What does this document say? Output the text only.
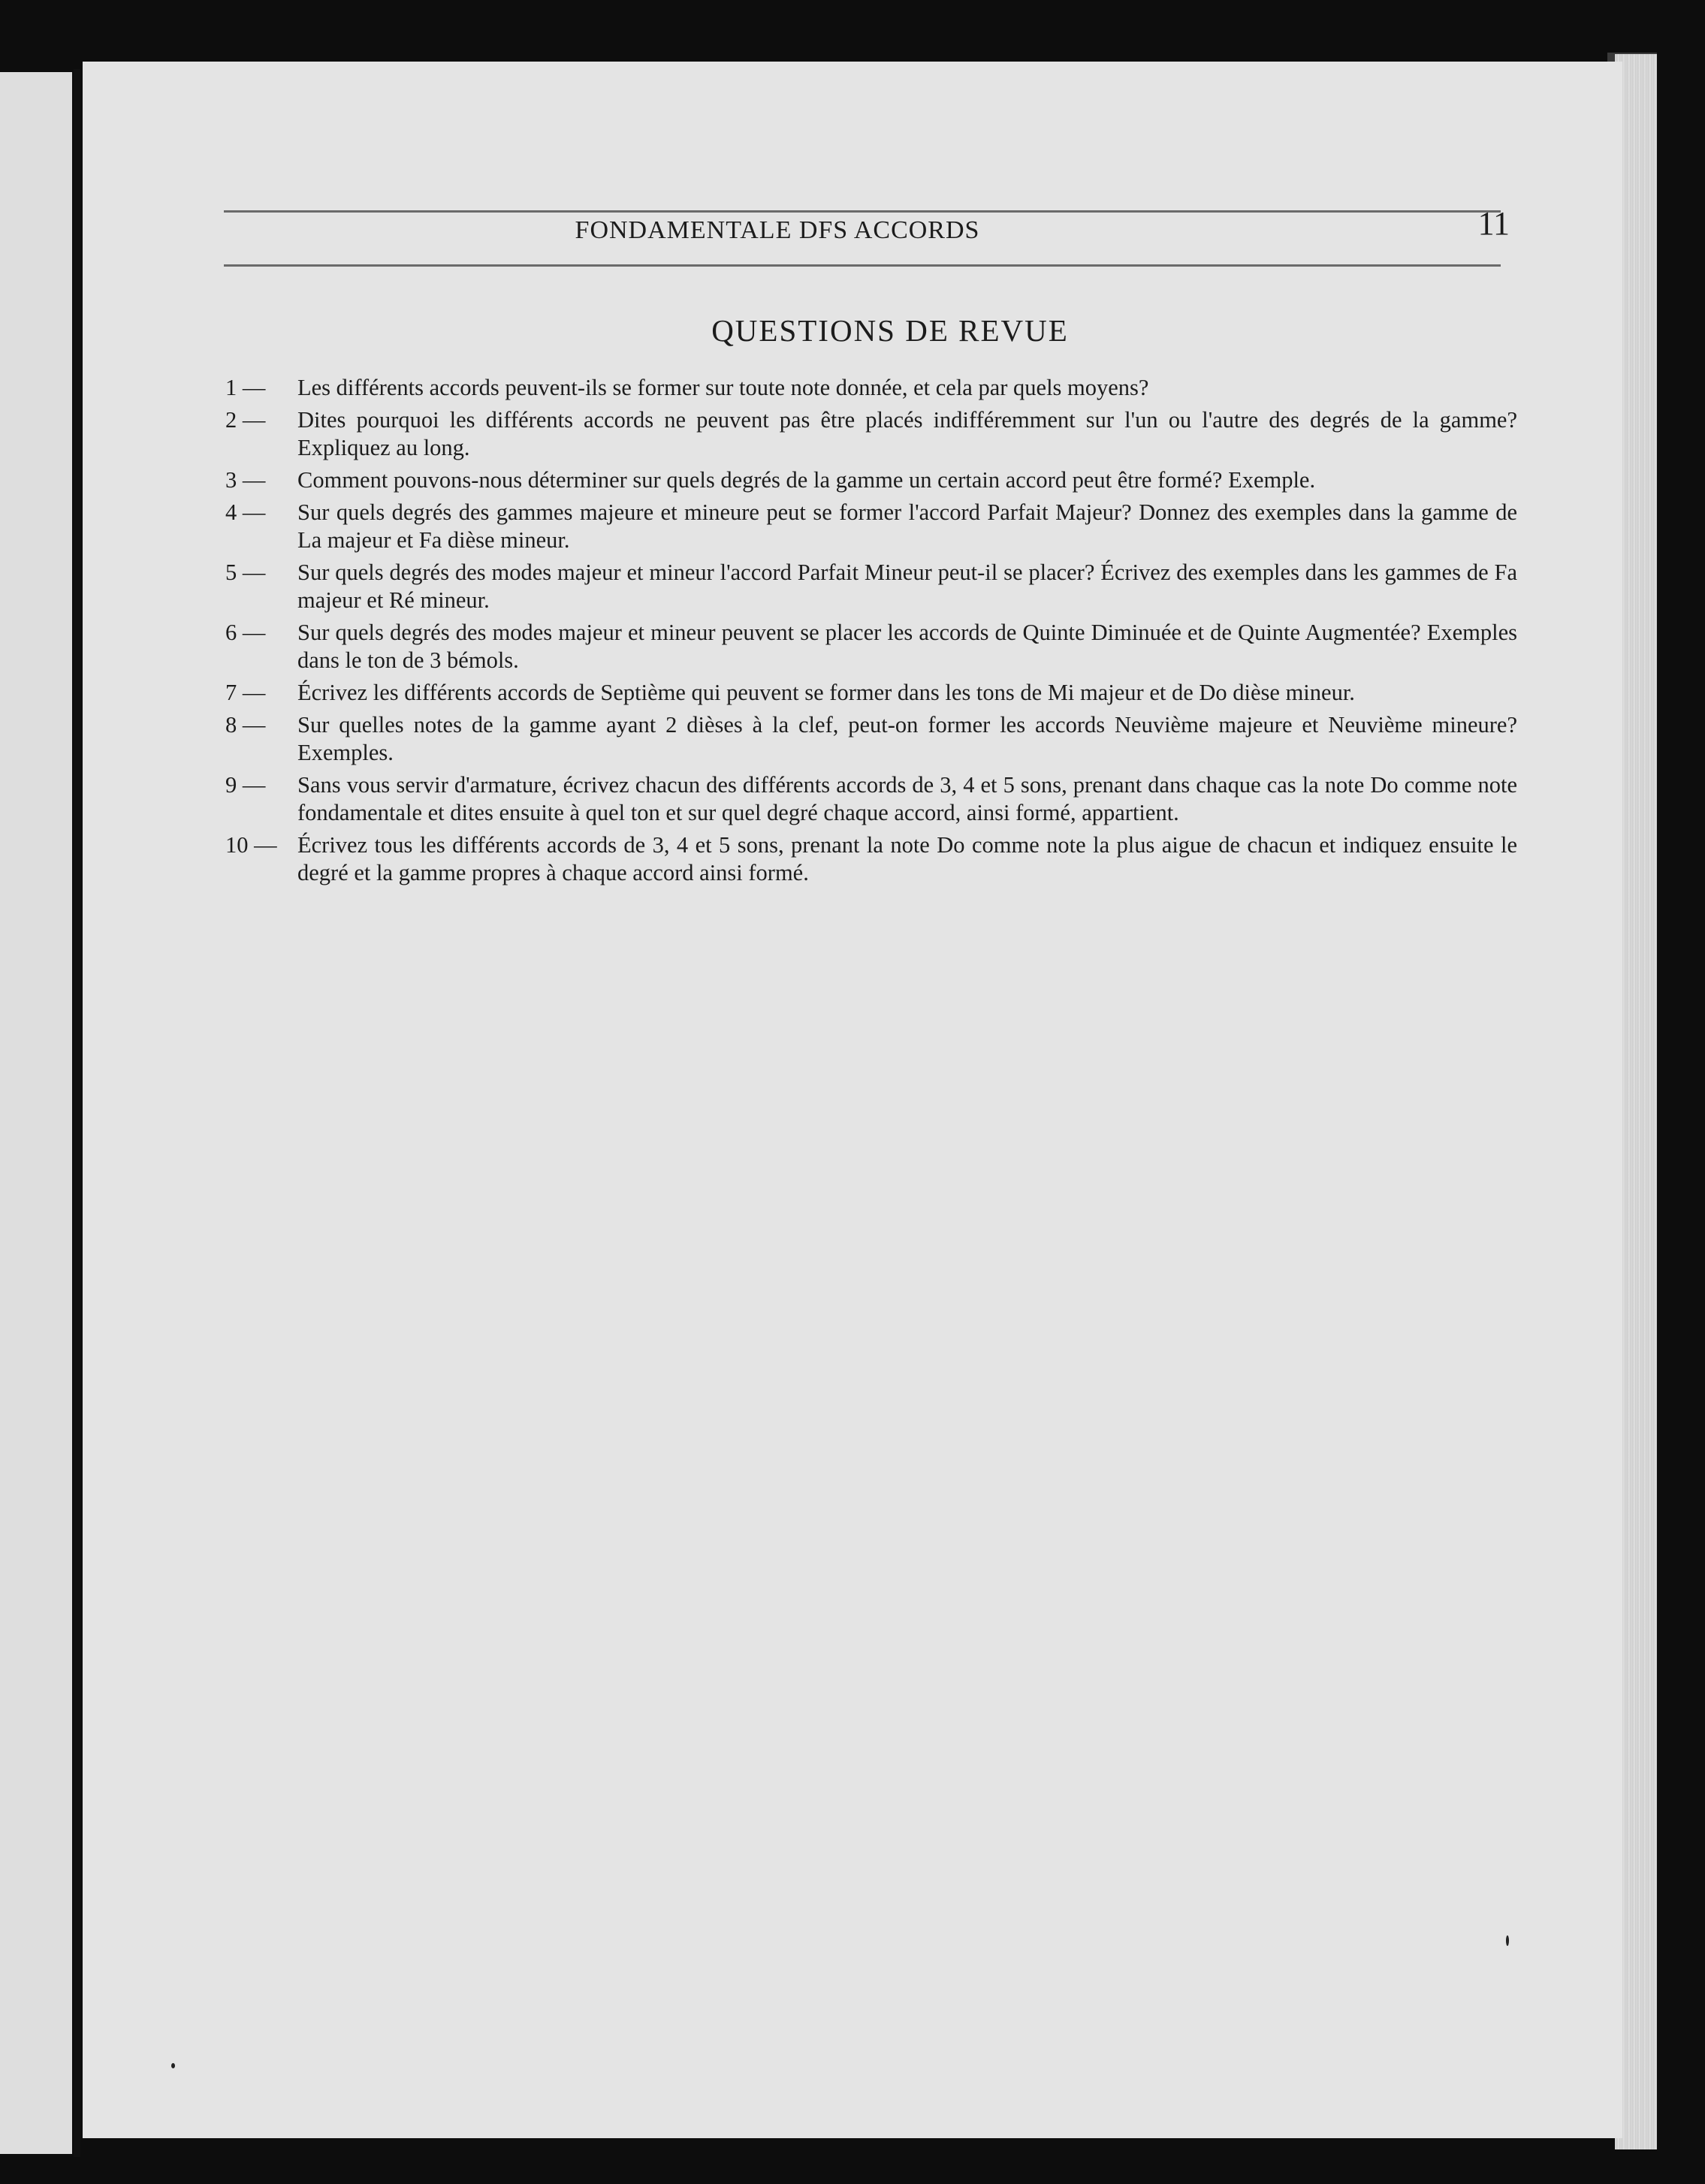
FONDAMENTALE DFS ACCORDS	11
QUESTIONS DE REVUE
1 —	Les différents accords peuvent-ils se former sur toute note donnée, et cela par quels moyens?
2 —	Dites pourquoi les différents accords ne peuvent pas être placés indifféremment sur l'un ou l'autre des degrés de la gamme? Expliquez au long.
3 —	Comment pouvons-nous déterminer sur quels degrés de la gamme un certain accord peut être formé? Exemple.
4 —	Sur quels degrés des gammes majeure et mineure peut se former l'accord Parfait Majeur? Donnez des exemples dans la gamme de La majeur et Fa dièse mineur.
5 —	Sur quels degrés des modes majeur et mineur l'accord Parfait Mineur peut-il se placer? Écrivez des exemples dans les gammes de Fa majeur et Ré mineur.
6 —	Sur quels degrés des modes majeur et mineur peuvent se placer les accords de Quinte Diminuée et de Quinte Augmentée? Exemples dans le ton de 3 bémols.
7 —	Écrivez les différents accords de Septième qui peuvent se former dans les tons de Mi majeur et de Do dièse mineur.
8 —	Sur quelles notes de la gamme ayant 2 dièses à la clef, peut-on former les accords Neuvième majeure et Neuvième mineure? Exemples.
9 —	Sans vous servir d'armature, écrivez chacun des différents accords de 3, 4 et 5 sons, prenant dans chaque cas la note Do comme note fondamentale et dites ensuite à quel ton et sur quel degré chaque accord, ainsi formé, appartient.
10 — Écrivez tous les différents accords de 3, 4 et 5 sons, prenant la note Do comme note la plus aigue de chacun et indiquez ensuite le degré et la gamme propres à chaque accord ainsi formé.
